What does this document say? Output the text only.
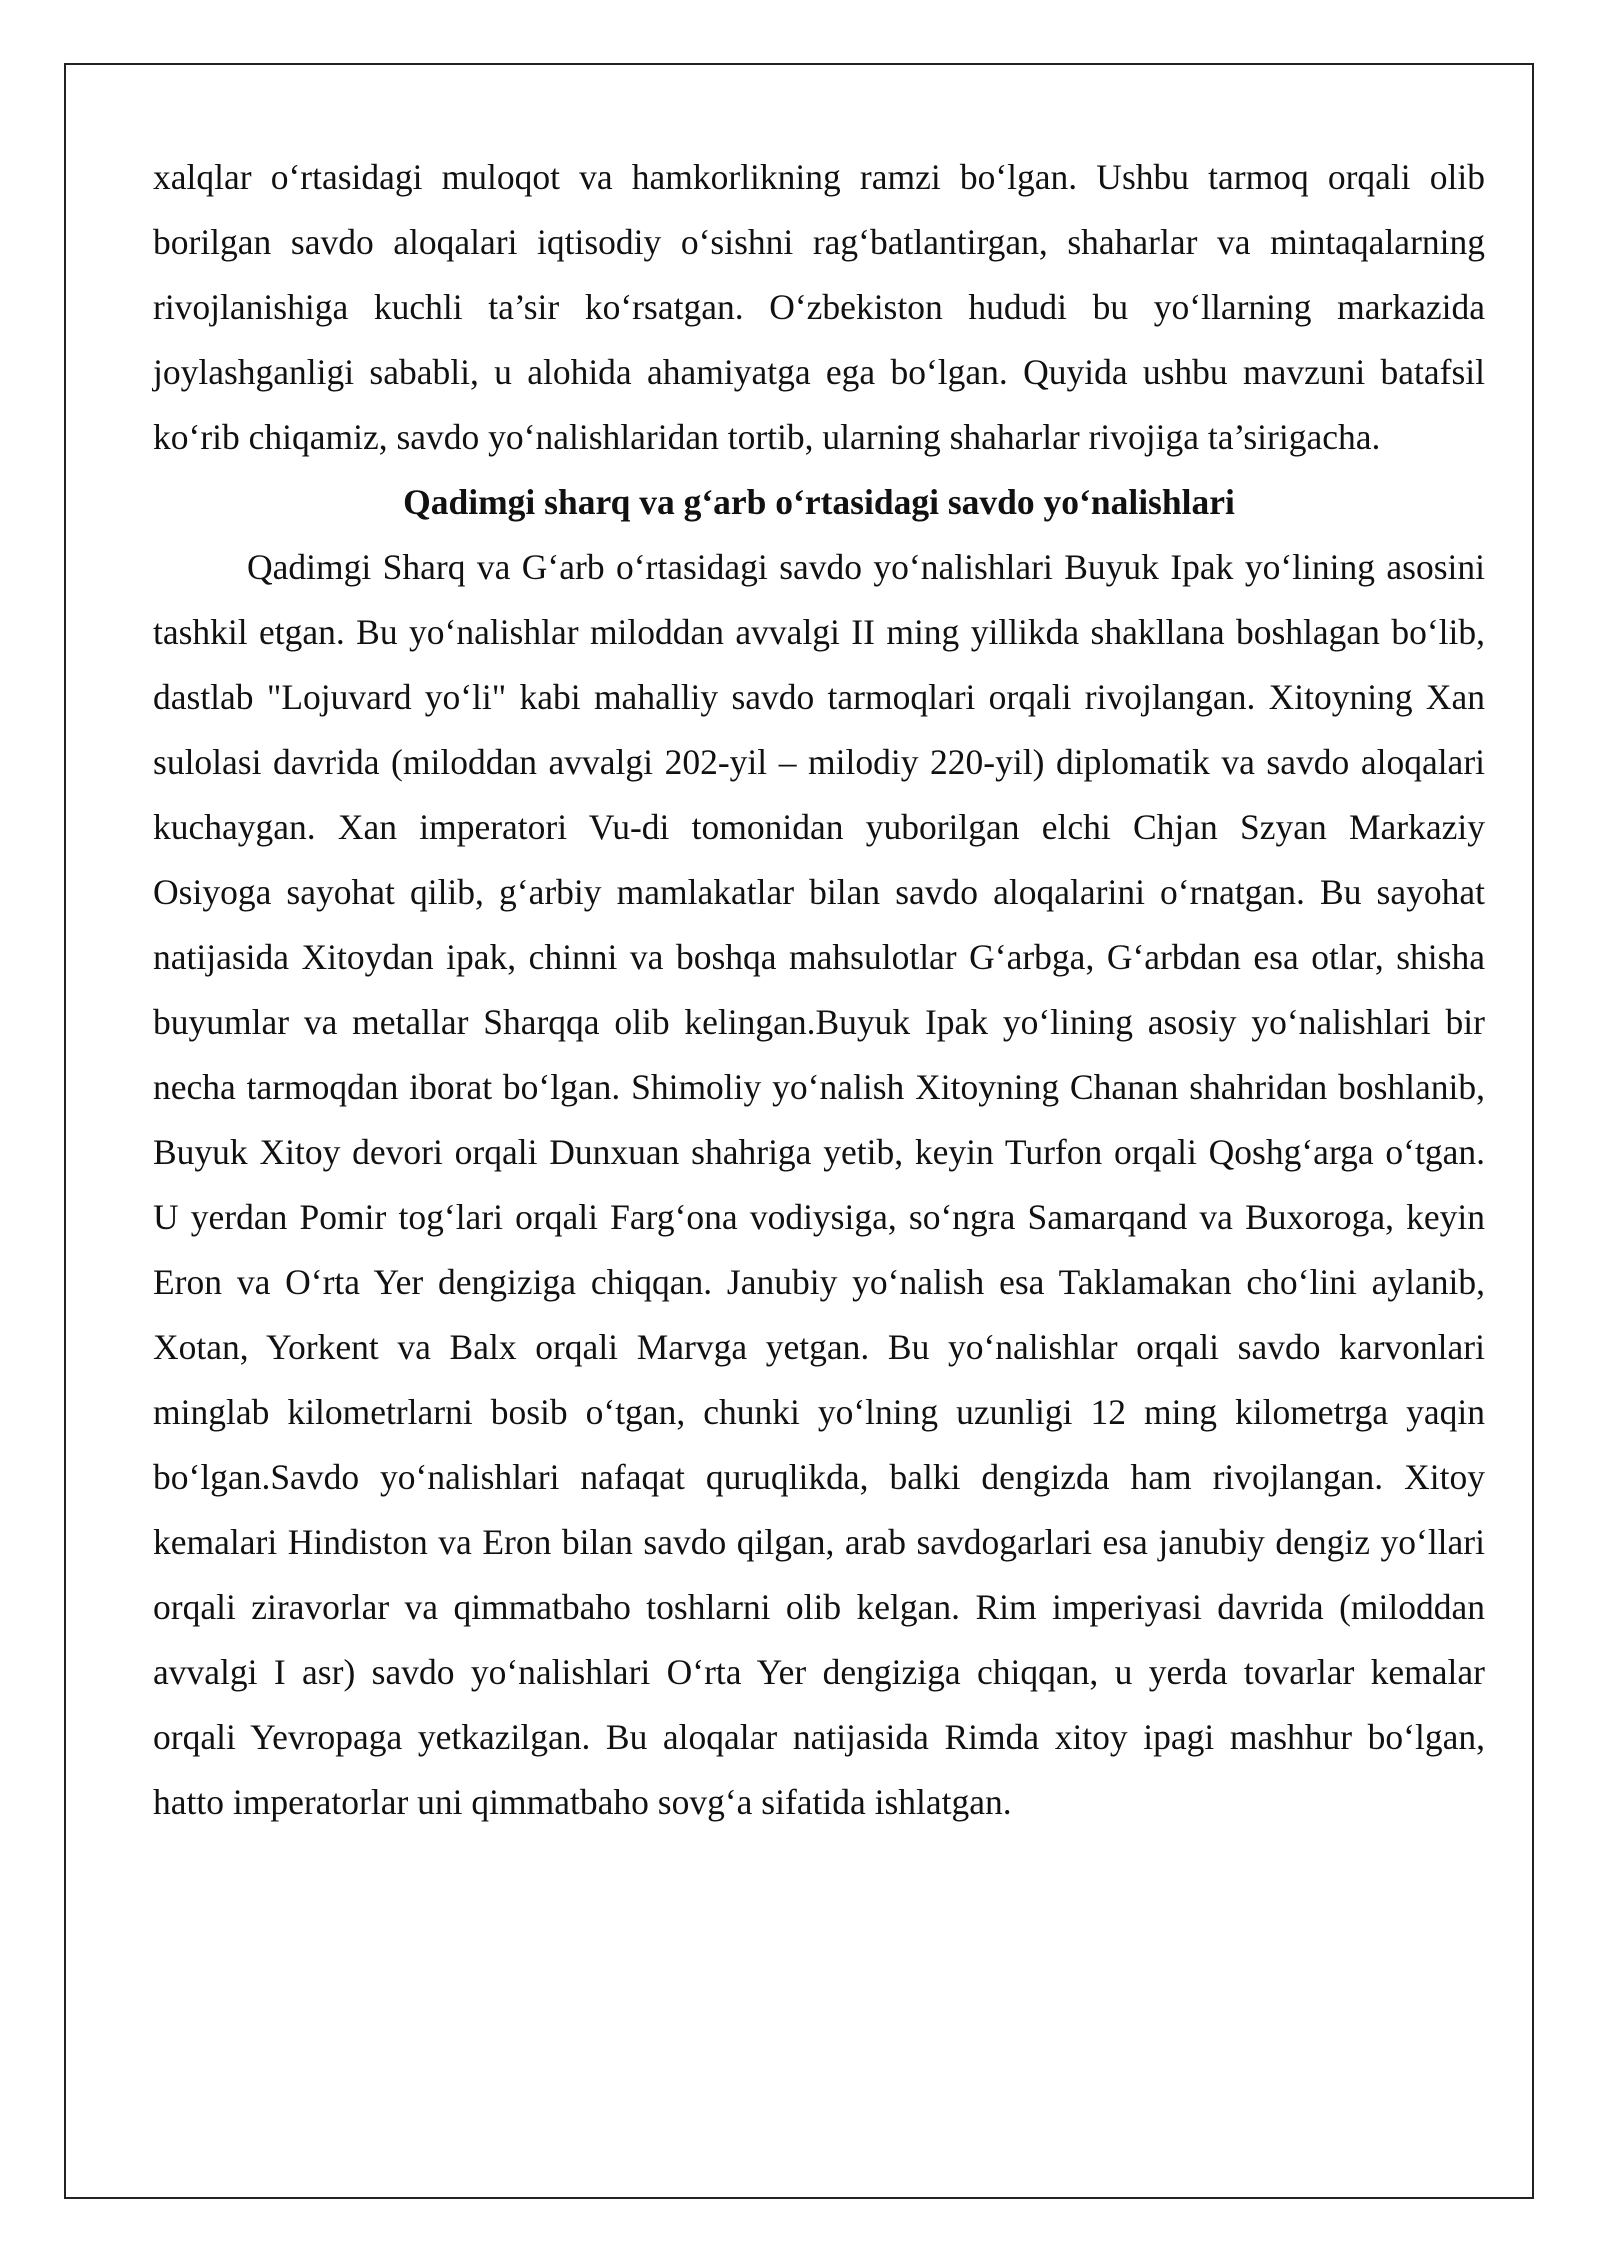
xalqlar o‘rtasidagi muloqot va hamkorlikning ramzi bo‘lgan. Ushbu tarmoq orqali olib borilgan savdo aloqalari iqtisodiy o‘sishni rag‘batlantirgan, shaharlar va mintaqalarning rivojlanishiga kuchli ta’sir ko‘rsatgan. O‘zbekiston hududi bu yo‘llarning markazida joylashganligi sababli, u alohida ahamiyatga ega bo‘lgan. Quyida ushbu mavzuni batafsil ko‘rib chiqamiz, savdo yo‘nalishlaridan tortib, ularning shaharlar rivojiga ta’sirigacha.

Qadimgi sharq va g‘arb o‘rtasidagi savdo yo‘nalishlari

Qadimgi Sharq va G‘arb o‘rtasidagi savdo yo‘nalishlari Buyuk Ipak yo‘lining asosini tashkil etgan. Bu yo‘nalishlar miloddan avvalgi II ming yillikda shakllana boshlagan bo‘lib, dastlab "Lojuvard yo‘li" kabi mahalliy savdo tarmoqlari orqali rivojlangan. Xitoyning Xan sulolasi davrida (miloddan avvalgi 202-yil – milodiy 220-yil) diplomatik va savdo aloqalari kuchaygan. Xan imperatori Vu-di tomonidan yuborilgan elchi Chjan Szyan Markaziy Osiyoga sayohat qilib, g‘arbiy mamlakatlar bilan savdo aloqalarini o‘rnatgan. Bu sayohat natijasida Xitoydan ipak, chinni va boshqa mahsulotlar G‘arbga, G‘arbdan esa otlar, shisha buyumlar va metallar Sharqqa olib kelingan.Buyuk Ipak yo‘lining asosiy yo‘nalishlari bir necha tarmoqdan iborat bo‘lgan. Shimoliy yo‘nalish Xitoyning Chanan shahridan boshlanib, Buyuk Xitoy devori orqali Dunxuan shahriga yetib, keyin Turfon orqali Qoshg‘arga o‘tgan. U yerdan Pomir tog‘lari orqali Farg‘ona vodiysiga, so‘ngra Samarqand va Buxoroga, keyin Eron va O‘rta Yer dengiziga chiqqan. Janubiy yo‘nalish esa Taklamakan cho‘lini aylanib, Xotan, Yorkent va Balx orqali Marvga yetgan. Bu yo‘nalishlar orqali savdo karvonlari minglab kilometrlarni bosib o‘tgan, chunki yo‘lning uzunligi 12 ming kilometrga yaqin bo‘lgan.Savdo yo‘nalishlari nafaqat quruqlikda, balki dengizda ham rivojlangan. Xitoy kemalari Hindiston va Eron bilan savdo qilgan, arab savdogarlari esa janubiy dengiz yo‘llari orqali ziravorlar va qimmatbaho toshlarni olib kelgan. Rim imperiyasi davrida (miloddan avvalgi I asr) savdo yo‘nalishlari O‘rta Yer dengiziga chiqqan, u yerda tovarlar kemalar orqali Yevropaga yetkazilgan. Bu aloqalar natijasida Rimda xitoy ipagi mashhur bo‘lgan, hatto imperatorlar uni qimmatbaho sovg‘a sifatida ishlatgan.
